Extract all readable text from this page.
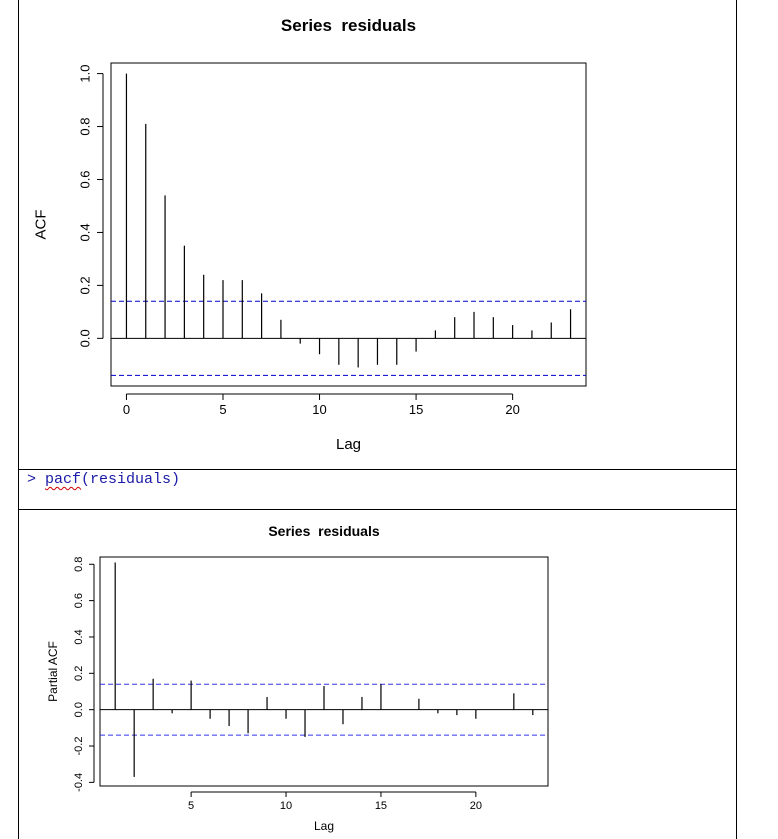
Series  residuals
0	5	10	15	20
0.0
0.2
0.4
0.6
0.8
1.0
Lag
ACF
> pacf(residuals)
Series  residuals
5	10	15	20
-0.4
-0.2
0.0
0.2
0.4
0.6
0.8
Lag
Partial ACF
